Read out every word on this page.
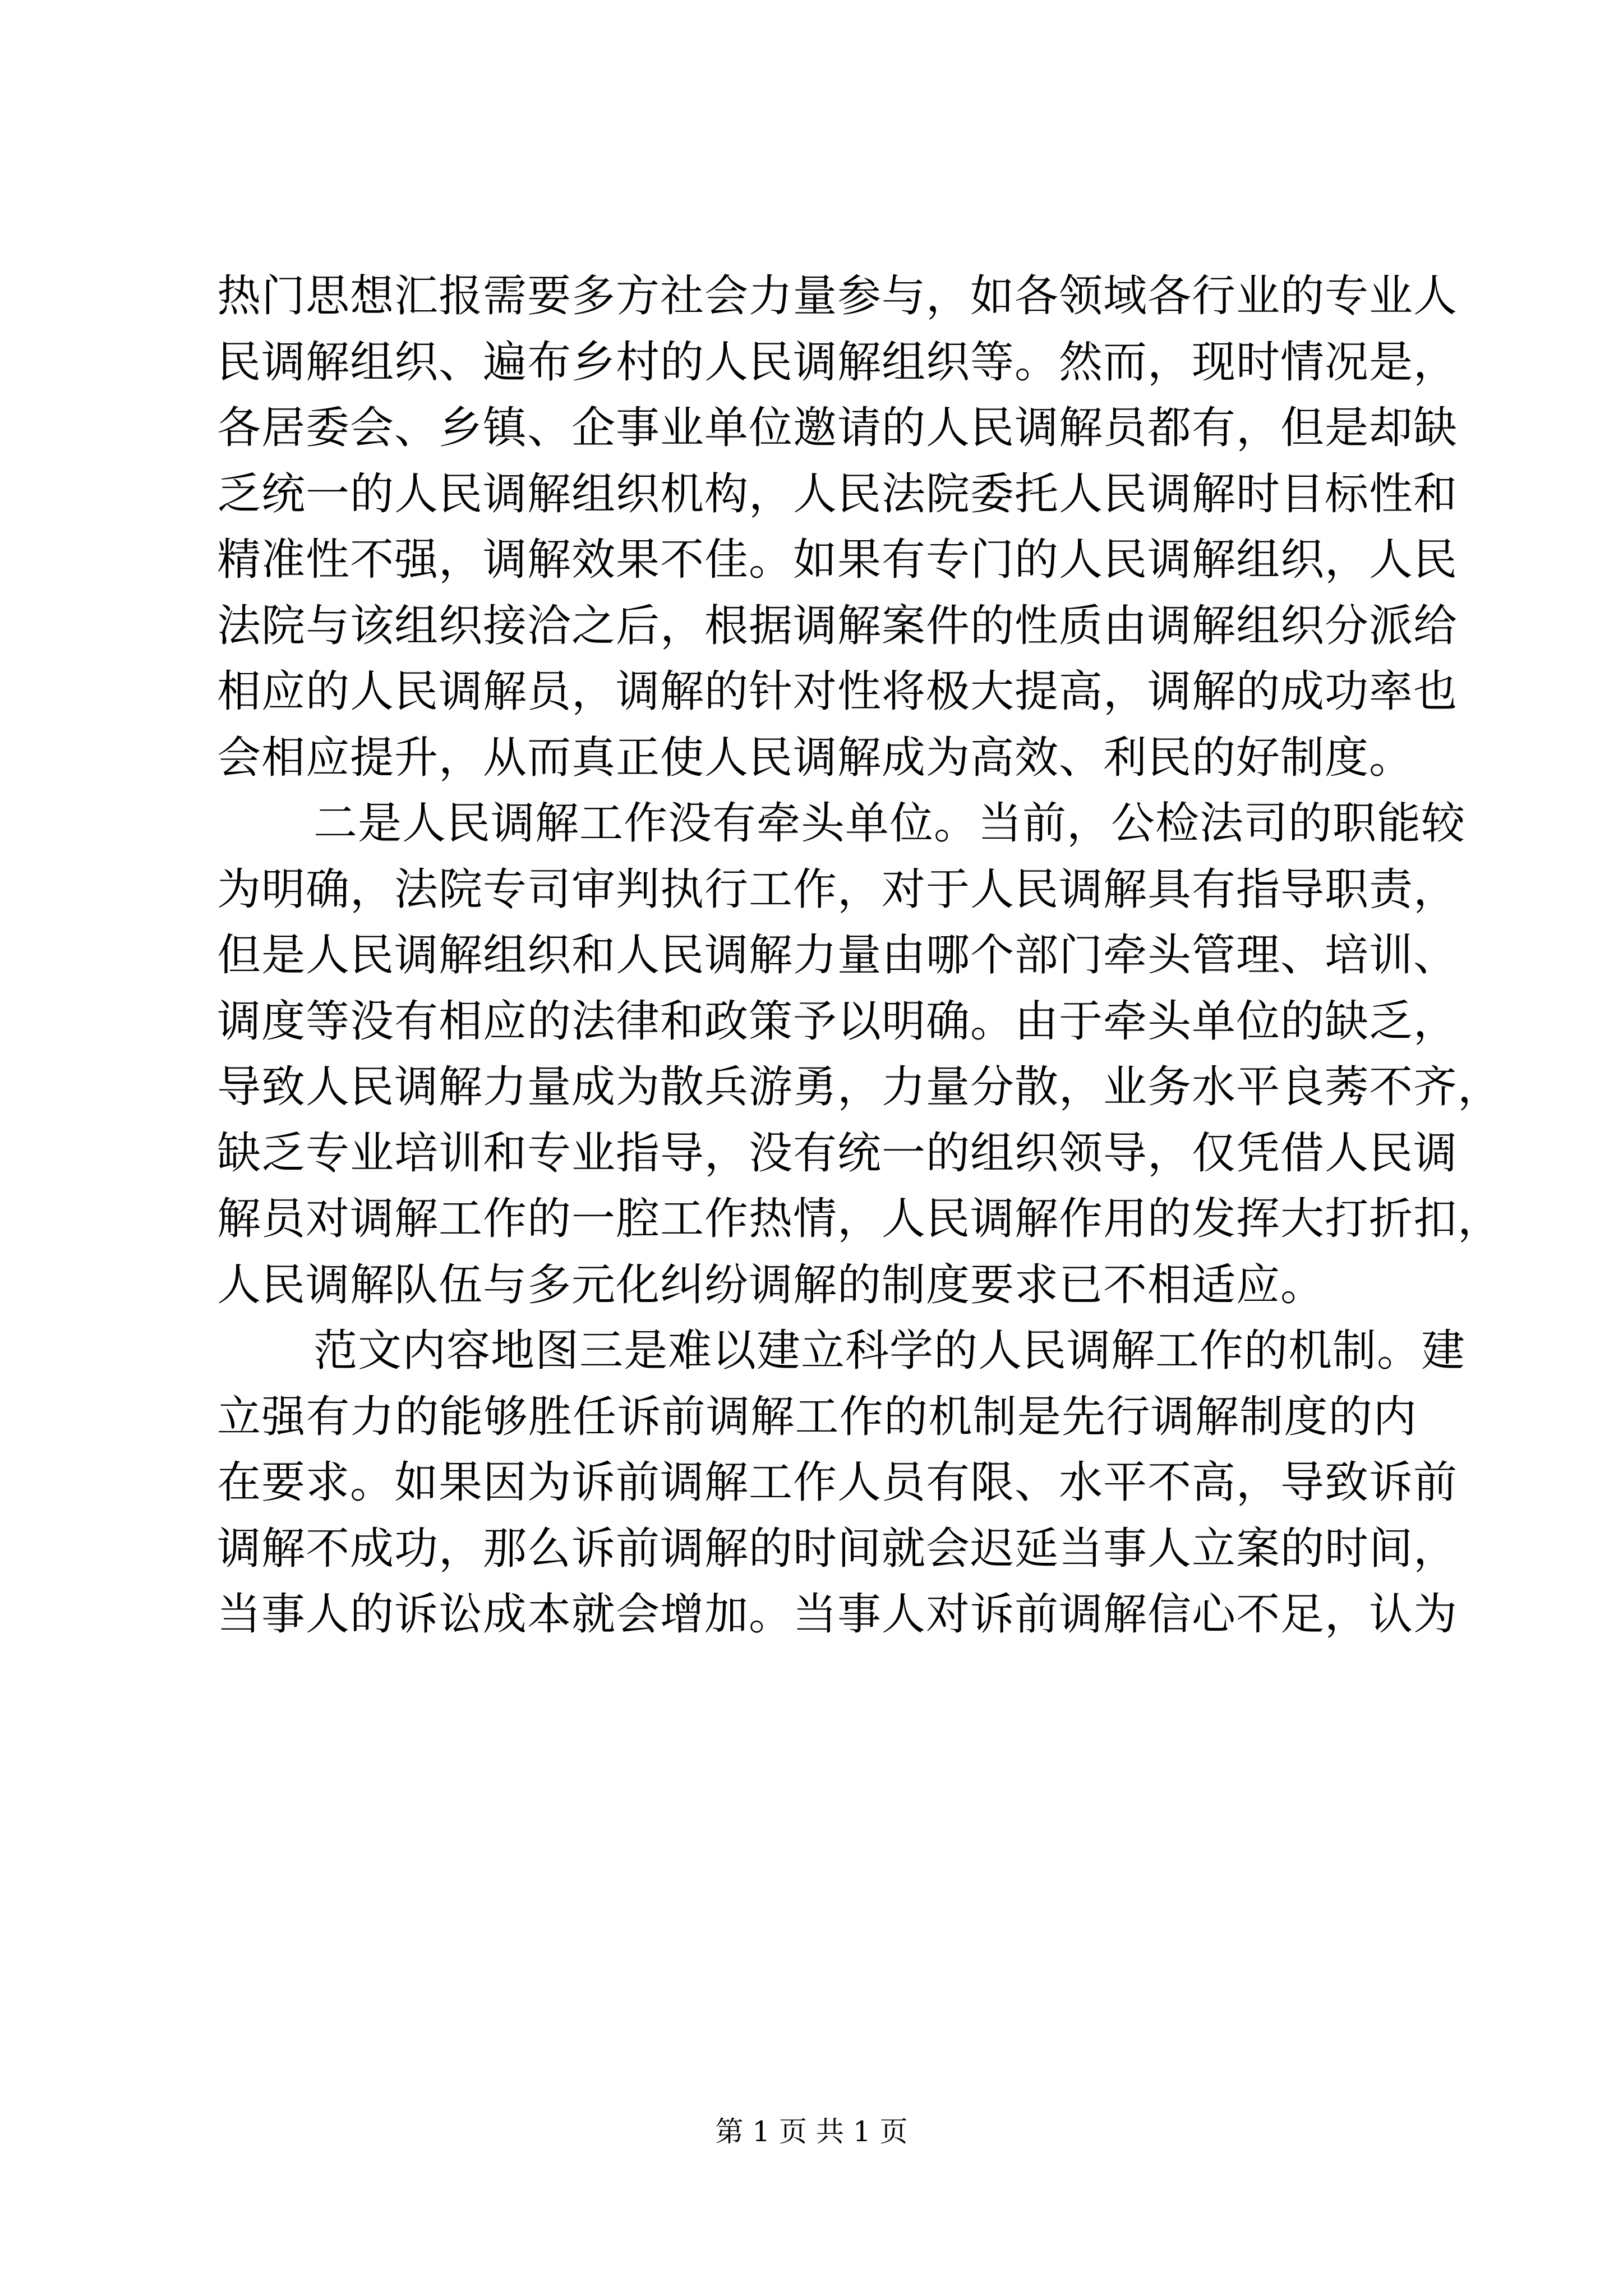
热门思想汇报需要多方社会力量参与，如各领域各行业的专业人
民调解组织、遍布乡村的人民调解组织等。然而，现时情况是，
各居委会、乡镇、企事业单位邀请的人民调解员都有，但是却缺
乏统一的人民调解组织机构，人民法院委托人民调解时目标性和
精准性不强，调解效果不佳。如果有专门的人民调解组织，人民
法院与该组织接洽之后，根据调解案件的性质由调解组织分派给
相应的人民调解员，调解的针对性将极大提高，调解的成功率也
会相应提升，从而真正使人民调解成为高效、利民的好制度。
二是人民调解工作没有牵头单位。当前，公检法司的职能较
为明确，法院专司审判执行工作，对于人民调解具有指导职责，
但是人民调解组织和人民调解力量由哪个部门牵头管理、培训、
调度等没有相应的法律和政策予以明确。由于牵头单位的缺乏，
导致人民调解力量成为散兵游勇，力量分散，业务水平良莠不齐，
缺乏专业培训和专业指导，没有统一的组织领导，仅凭借人民调
解员对调解工作的一腔工作热情，人民调解作用的发挥大打折扣，
人民调解队伍与多元化纠纷调解的制度要求已不相适应。
范文内容地图三是难以建立科学的人民调解工作的机制。建
立强有力的能够胜任诉前调解工作的机制是先行调解制度的内
在要求。如果因为诉前调解工作人员有限、水平不高，导致诉前
调解不成功，那么诉前调解的时间就会迟延当事人立案的时间，
当事人的诉讼成本就会增加。当事人对诉前调解信心不足，认为
第 1 页 共 1 页
